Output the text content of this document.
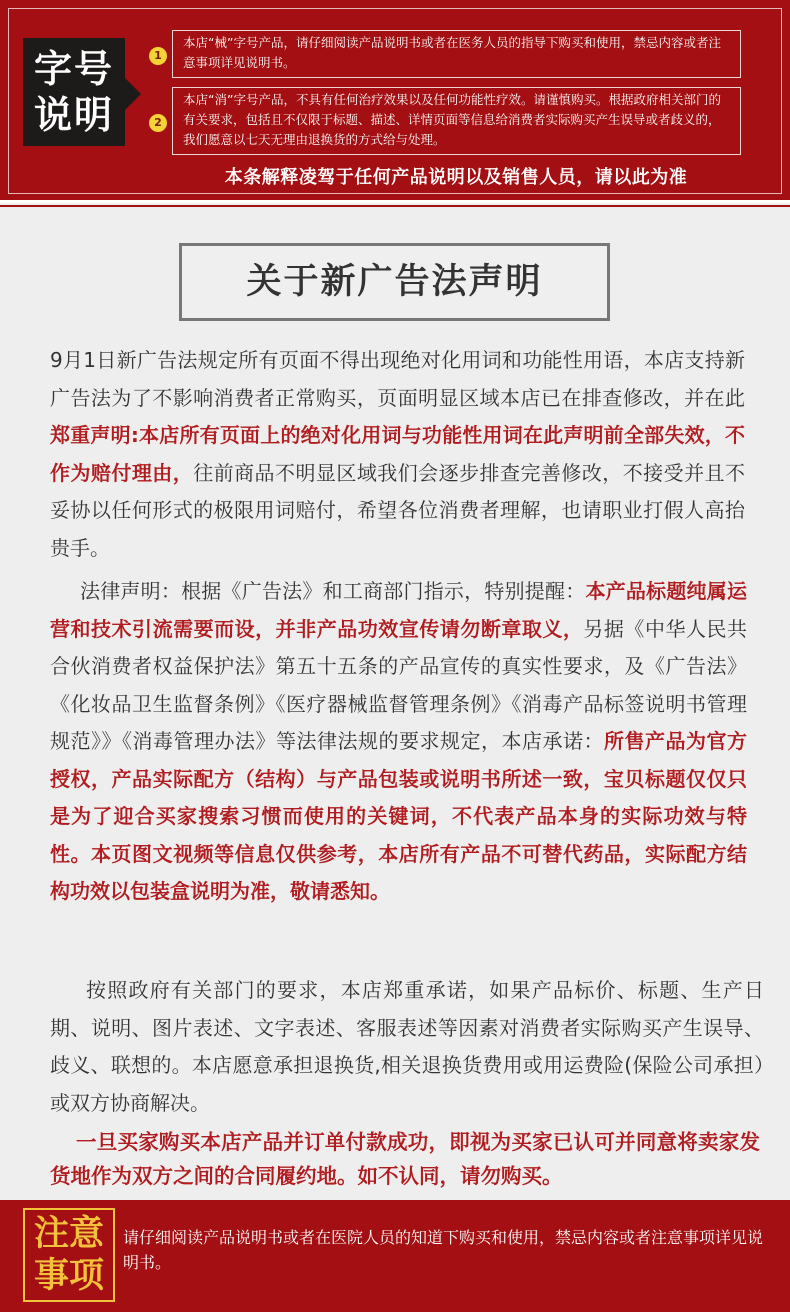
字号
说明
1
本店“械”字号产品，请仔细阅读产品说明书或者在医务人员的指导下购买和使用，禁忌内容或者注意事项详见说明书。
2
本店“消”字号产品，不具有任何治疗效果以及任何功能性疗效。请谨慎购买。根据政府相关部门的有关要求，包括且不仅限于标题、描述、详情页面等信息给消费者实际购买产生误导或者歧义的，我们愿意以七天无理由退换货的方式给与处理。
本条解释凌驾于任何产品说明以及销售人员，请以此为准
关于新广告法声明
9月1日新广告法规定所有页面不得出现绝对化用词和功能性用语，本店支持新广告法为了不影响消费者正常购买，页面明显区域本店已在排查修改，并在此郑重声明:本店所有页面上的绝对化用词与功能性用词在此声明前全部失效，不作为赔付理由，往前商品不明显区域我们会逐步排查完善修改，不接受并且不妥协以任何形式的极限用词赔付，希望各位消费者理解，也请职业打假人高抬贵手。
法律声明：根据《广告法》和工商部门指示，特别提醒：本产品标题纯属运营和技术引流需要而设，并非产品功效宣传请勿断章取义，另据《中华人民共合伙消费者权益保护法》第五十五条的产品宣传的真实性要求，及《广告法》《化妆品卫生监督条例》《医疗器械监督管理条例》《消毒产品标签说明书管理规范》》《消毒管理办法》等法律法规的要求规定，本店承诺：所售产品为官方授权，产品实际配方（结构）与产品包装或说明书所述一致，宝贝标题仅仅只是为了迎合买家搜索习惯而使用的关键词，不代表产品本身的实际功效与特性。本页图文视频等信息仅供参考，本店所有产品不可替代药品，实际配方结构功效以包装盒说明为准，敬请悉知。
按照政府有关部门的要求，本店郑重承诺，如果产品标价、标题、生产日期、说明、图片表述、文字表述、客服表述等因素对消费者实际购买产生误导、歧义、联想的。本店愿意承担退换货,相关退换货费用或用运费险(保险公司承担）或双方协商解决。
一旦买家购买本店产品并订单付款成功，即视为买家已认可并同意将卖家发货地作为双方之间的合同履约地。如不认同，请勿购买。
注意
事项
请仔细阅读产品说明书或者在医院人员的知道下购买和使用，禁忌内容或者注意事项详见说明书。
